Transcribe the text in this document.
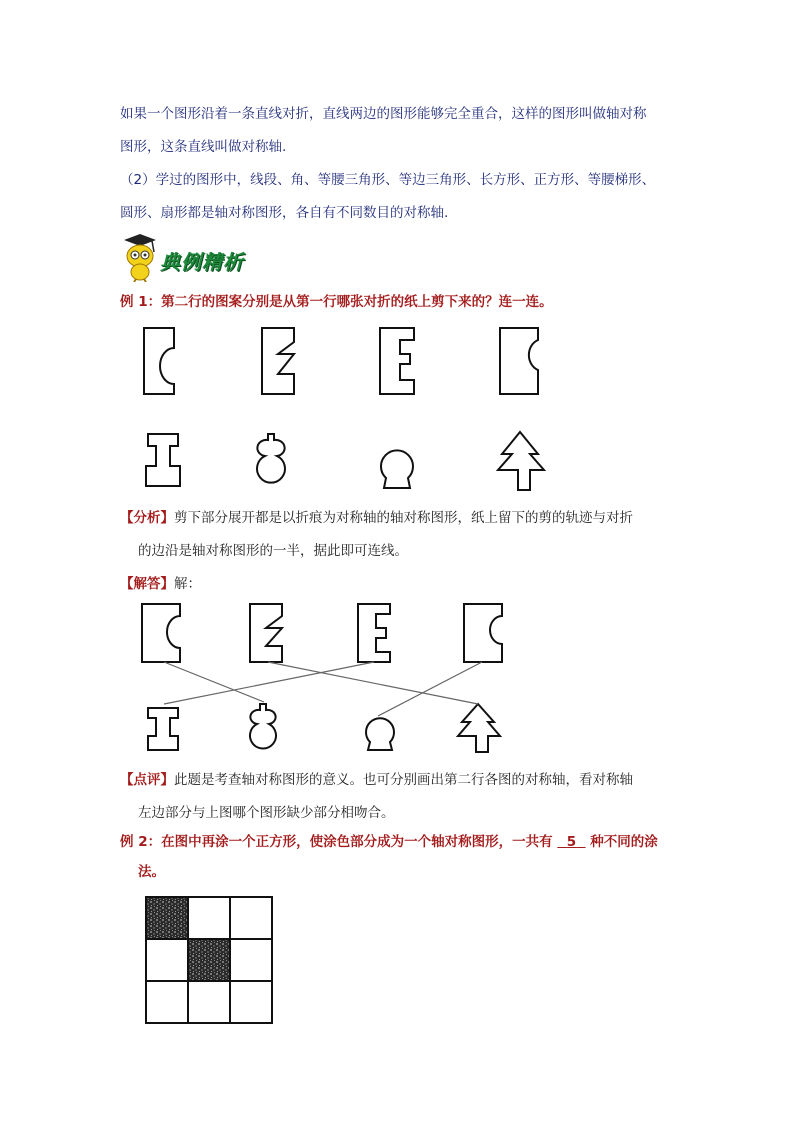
如果一个图形沿着一条直线对折，直线两边的图形能够完全重合，这样的图形叫做轴对称

图形，这条直线叫做对称轴.

（2）学过的图形中，线段、角、等腰三角形、等边三角形、长方形、正方形、等腰梯形、

圆形、扇形都是轴对称图形，各自有不同数目的对称轴.

典例精析

例 1：第二行的图案分别是从第一行哪张对折的纸上剪下来的？连一连。

【分析】剪下部分展开都是以折痕为对称轴的轴对称图形，纸上留下的剪的轨迹与对折

的边沿是轴对称图形的一半，据此即可连线。

【解答】解：

【点评】此题是考查轴对称图形的意义。也可分别画出第二行各图的对称轴，看对称轴

左边部分与上图哪个图形缺少部分相吻合。

例 2：在图中再涂一个正方形，使涂色部分成为一个轴对称图形，一共有   5   种不同的涂

法。
